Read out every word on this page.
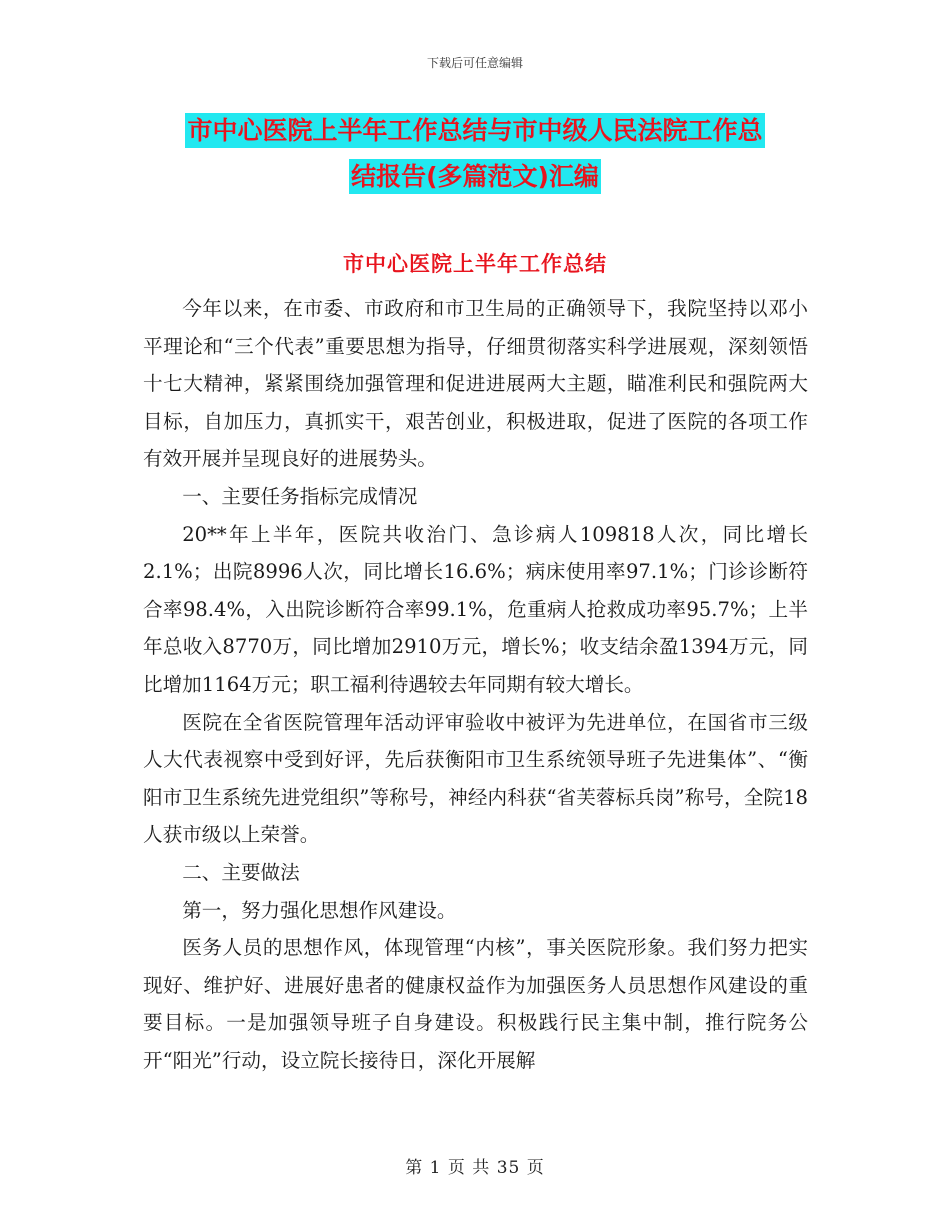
下载后可任意编辑
市中心医院上半年工作总结与市中级人民法院工作总
结报告(多篇范文)汇编
市中心医院上半年工作总结

今年以来，在市委、市政府和市卫生局的正确领导下，我院坚持以邓小平理论和“三个代表”重要思想为指导，仔细贯彻落实科学进展观，深刻领悟十七大精神，紧紧围绕加强管理和促进进展两大主题，瞄准利民和强院两大目标，自加压力，真抓实干，艰苦创业，积极进取，促进了医院的各项工作有效开展并呈现良好的进展势头。

一、主要任务指标完成情况

20**年上半年，医院共收治门、急诊病人109818人次，同比增长2.1%；出院8996人次，同比增长16.6%；病床使用率97.1%；门诊诊断符合率98.4%，入出院诊断符合率99.1%，危重病人抢救成功率95.7%；上半年总收入8770万，同比增加2910万元，增长%；收支结余盈1394万元，同比增加1164万元；职工福利待遇较去年同期有较大增长。

医院在全省医院管理年活动评审验收中被评为先进单位，在国省市三级人大代表视察中受到好评，先后获衡阳市卫生系统领导班子先进集体”、“衡阳市卫生系统先进党组织”等称号，神经内科获“省芙蓉标兵岗”称号，全院18人获市级以上荣誉。

二、主要做法

第一，努力强化思想作风建设。

医务人员的思想作风，体现管理“内核”，事关医院形象。我们努力把实现好、维护好、进展好患者的健康权益作为加强医务人员思想作风建设的重要目标。一是加强领导班子自身建设。积极践行民主集中制，推行院务公开“阳光”行动，设立院长接待日，深化开展解

第 1 页 共 35 页
